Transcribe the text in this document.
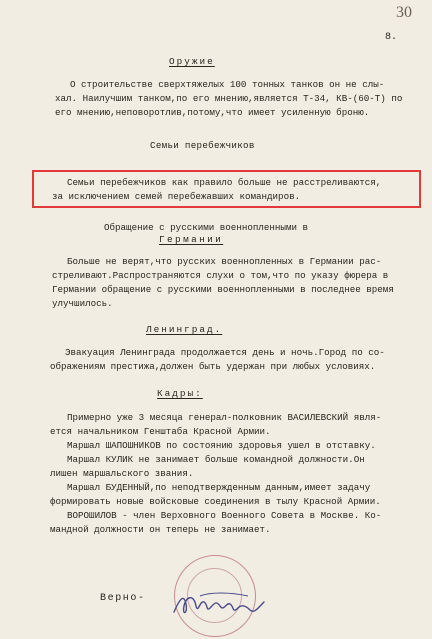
30
8.
Оружие
О строительстве сверхтяжелых 100 тонных танков он не слы-
хал. Наилучшим танком,по его мнению,является Т-34, КВ-(60-Т) по
его мнению,неповоротлив,потому,что имеет усиленную броню.
Семьи перебежчиков
Семьи перебежчиков как правило больше не расстреливаются,
за исключением семей перебежавших командиров.
Обращение с русскими военнопленными в
Германии
Больше не верят,что русских военнопленных в Германии рас-
стреливают.Распространяются слухи о том,что по указу фюрера в
Германии обращение с русскими военнопленными в последнее время
улучшилось.
Ленинград.
Эвакуация Ленинграда продолжается день и ночь.Город по со-
ображениям престижа,должен быть удержан при любых условиях.
Кадры:
Примерно уже 3 месяца генерал-полковник ВАСИЛЕВСКИЙ явля-
ется начальником Генштаба Красной Армии.
Маршал ШАПОШНИКОВ по состоянию здоровья ушел в отставку.
Маршал КУЛИК не занимает больше командной должности.Он
лишен маршальского звания.
Маршал БУДЕННЫЙ,по неподтвержденным данным,имеет задачу
формировать новые войсковые соединения в тылу Красной Армии.
ВОРОШИЛОВ - член Верховного Военного Совета в Москве. Ко-
мандной должности он теперь не занимает.
Верно-
